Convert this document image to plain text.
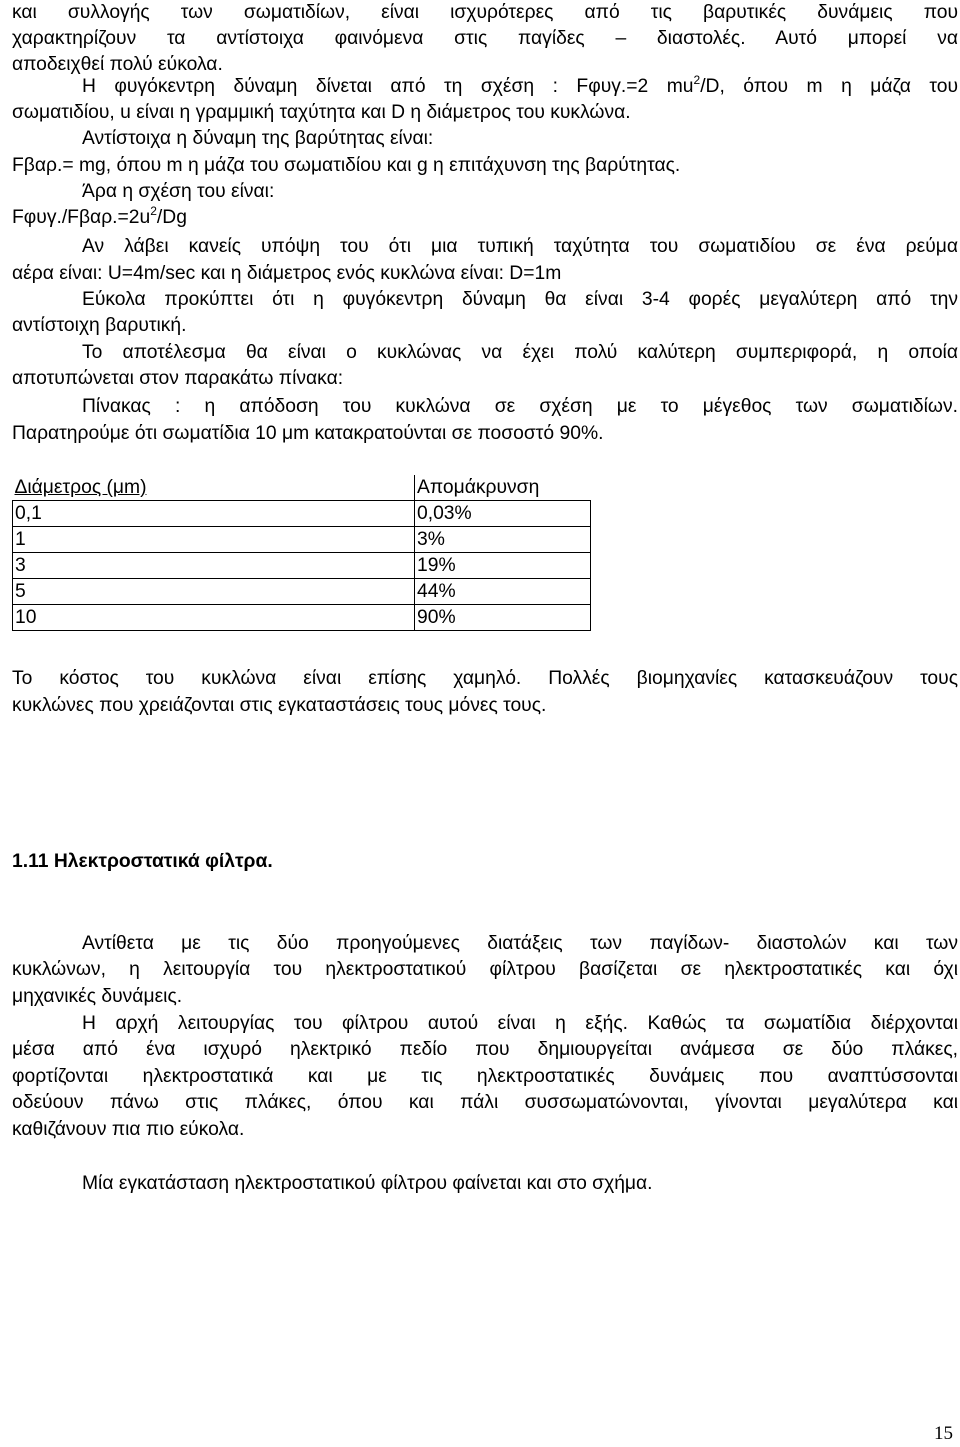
και συλλογής των σωματιδίων, είναι ισχυρότερες από τις βαρυτικές δυνάμεις που
χαρακτηρίζουν τα αντίστοιχα φαινόμενα στις παγίδες – διαστολές. Αυτό μπορεί να
αποδειχθεί πολύ εύκολα.
Η φυγόκεντρη δύναμη δίνεται από τη σχέση : Fφυγ.=2 $mu^2/D$, όπου m η μάζα του
σωματιδίου, u είναι η γραμμική ταχύτητα και D η διάμετρος του κυκλώνα.
Αντίστοιχα η δύναμη της βαρύτητας είναι:
Fβαρ.= mg, όπου m η μάζα του σωματιδίου και g η επιτάχυνση της βαρύτητας.
Άρα η σχέση του είναι:
$F\varphi\upsilon\gamma./F\beta\alpha\rho.=2u^2/Dg$
Αν λάβει κανείς υπόψη του ότι μια τυπική ταχύτητα του σωματιδίου σε ένα ρεύμα
αέρα είναι: U=4m/sec και η διάμετρος ενός κυκλώνα είναι: D=1m
Εύκολα προκύπτει ότι η φυγόκεντρη δύναμη θα είναι 3-4 φορές μεγαλύτερη από την
αντίστοιχη βαρυτική.
Το αποτέλεσμα θα είναι ο κυκλώνας να έχει πολύ καλύτερη συμπεριφορά, η οποία
αποτυπώνεται στον παρακάτω πίνακα:
Πίνακας : η απόδοση του κυκλώνα σε σχέση με το μέγεθος των σωματιδίων.
Παρατηρούμε ότι σωματίδια 10 μm κατακρατούνται σε ποσοστό 90%.
Διάμετρος (μm)	Απομάκρυνση
0,1	0,03%
1	3%
3	19%
5	44%
10	90%
Το κόστος του κυκλώνα είναι επίσης χαμηλό. Πολλές βιομηχανίες κατασκευάζουν τους
κυκλώνες που χρειάζονται στις εγκαταστάσεις τους μόνες τους.
1.11 Ηλεκτροστατικά φίλτρα.
Αντίθετα με τις δύο προηγούμενες διατάξεις των παγίδων- διαστολών και των
κυκλώνων, η λειτουργία του ηλεκτροστατικού φίλτρου βασίζεται σε ηλεκτροστατικές και όχι
μηχανικές δυνάμεις.
Η αρχή λειτουργίας του φίλτρου αυτού είναι η εξής. Καθώς τα σωματίδια διέρχονται
μέσα από ένα ισχυρό ηλεκτρικό πεδίο που δημιουργείται ανάμεσα σε δύο πλάκες,
φορτίζονται ηλεκτροστατικά και με τις ηλεκτροστατικές δυνάμεις που αναπτύσσονται
οδεύουν πάνω στις πλάκες, όπου και πάλι συσσωματώνονται, γίνονται μεγαλύτερα και
καθιζάνουν πια πιο εύκολα.
Μία εγκατάσταση ηλεκτροστατικού φίλτρου φαίνεται και στο σχήμα.
15
